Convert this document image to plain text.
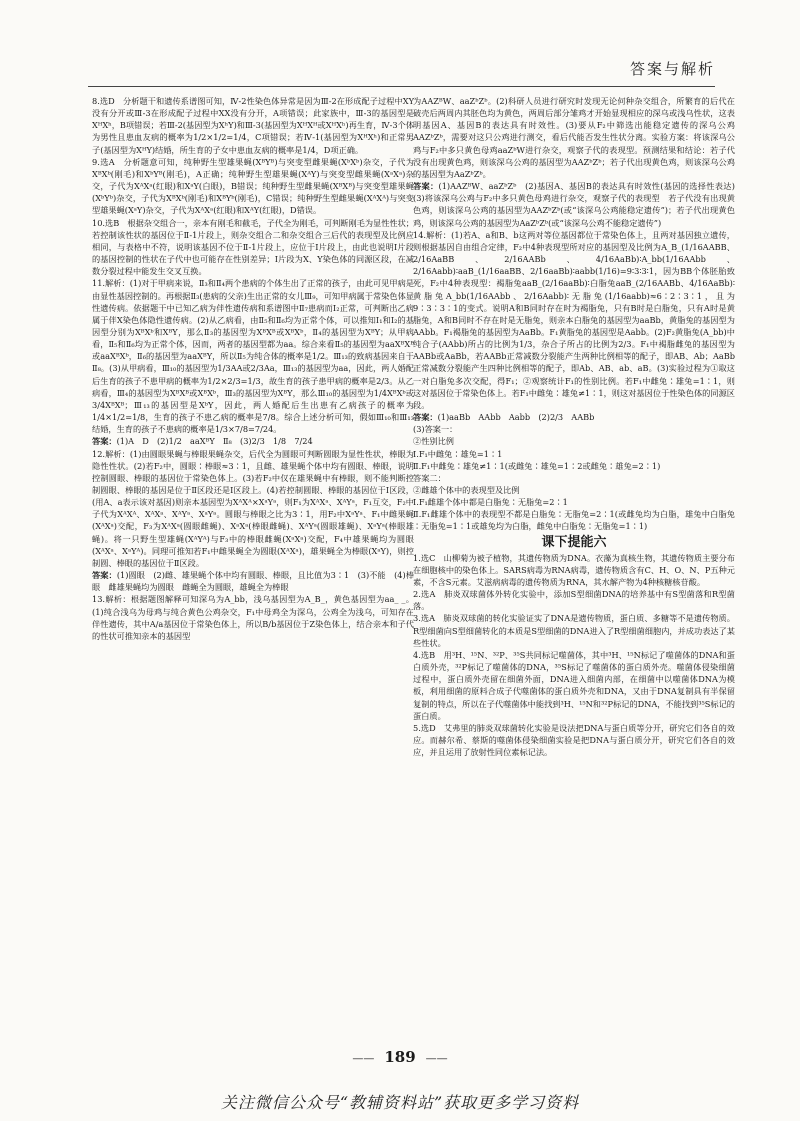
答案与解析

8.选D　分析题干和遗传系谱图可知，Ⅳ-2性染色体异常是因为Ⅲ-2在形成配子过程中XY没有分开或Ⅲ-3在形成配子过程中XX没有分开，A项错误；此家族中，Ⅲ-3的基因型是XᴴXʰ，B项错误；若Ⅲ-2(基因型为XʰY)和Ⅲ-3(基因型为XᴴXᴴ或XᴴXʰ)再生育，Ⅳ-3个体为男性且患血友病的概率为1/2×1/2=1/4，C项错误；若Ⅳ-1(基因型为XᴴXʰ)和正常男子(基因型为XᴴY)结婚，所生育的子女中患血友病的概率是1/4，D项正确。

9.选A　分析题意可知，纯种野生型雄果蝇(XᴮYᴮ)与突变型雌果蝇(XᵇXᵇ)杂交，子代为XᴮXᵇ(刚毛)和XᵇYᴮ(刚毛)，A正确；纯种野生型雄果蝇(XᴬY)与突变型雌果蝇(XᵃXᵃ)杂交，子代为XᴬXᵃ(红眼)和XᵃY(白眼)，B错误；纯种野生型雌果蝇(XᴮXᴮ)与突变型雄果蝇(XᵇYᵇ)杂交，子代为XᴮXᵇ(刚毛)和XᴮYᵇ(刚毛)，C错误；纯种野生型雌果蝇(XᴬXᴬ)与突变型雄果蝇(XᵃY)杂交，子代为XᴬXᵃ(红眼)和XᴬY(红眼)，D错误。

10.选B　根据杂交组合一，亲本有刚毛和截毛，子代全为刚毛，可判断刚毛为显性性状；若控制该性状的基因位于Ⅱ-1片段上，则杂交组合二和杂交组合三后代的表现型及比例应相同，与表格中不符，说明该基因不位于Ⅱ-1片段上，应位于Ⅰ片段上，由此也说明Ⅰ片段的基因控制的性状在子代中也可能存在性别差异；Ⅰ片段为X、Y染色体的同源区段，在减数分裂过程中能发生交叉互换。

11.解析：(1)对于甲病来说，Ⅱ₃和Ⅱ₄两个患病的个体生出了正常的孩子，由此可见甲病是由显性基因控制的。再根据Ⅱ₃(患病的父亲)生出正常的女儿Ⅲ₉，可知甲病属于常染色体显性遗传病。依据题干中已知乙病为伴性遗传病和系谱图中Ⅱ₇患病而Ⅰ₂正常，可判断出乙病属于伴X染色体隐性遗传病。(2)从乙病看，由Ⅱ₅和Ⅱ₆均为正常个体，可以推知Ⅰ₁和Ⅰ₂的基因型分别为XᴮXᵇ和XᴮY，那么Ⅱ₃的基因型为XᴮXᴮ或XᴮXᵇ，Ⅱ₄的基因型为XᴮY；从甲病看，Ⅱ₅和Ⅱ₆均为正常个体，因而，两者的基因型都为aa。综合来看Ⅱ₅的基因型为aaXᴮXᴮ或aaXᴮXᵇ，Ⅱ₆的基因型为aaXᴮY，所以Ⅱ₅为纯合体的概率是1/2。Ⅲ₁₃的致病基因来自于Ⅱ₈。(3)从甲病看，Ⅲ₁₀的基因型为1/3AA或2/3Aa，Ⅲ₁₃的基因型为aa，因此，两人婚配后生育的孩子不患甲病的概率为1/2×2/3=1/3，故生育的孩子患甲病的概率是2/3。从乙病看，Ⅲ₄的基因型为XᴮXᴮ或XᴮXᵇ，Ⅲ₃的基因型为XᴮY，那么Ⅲ₁₀的基因型为1/4XᴮXᵇ或3/4XᴮXᴮ；Ⅲ₁₃的基因型是XᵇY，因此，两人婚配后生出患有乙病孩子的概率为1/4×1/2=1/8，生育的孩子不患乙病的概率是7/8。综合上述分析可知，假如Ⅲ₁₀和Ⅲ₁₃结婚，生育的孩子不患病的概率是1/3×7/8=7/24。

答案：(1)A　D　(2)1/2　aaXᴮY　Ⅱ₈　(3)2/3　1/8　7/24

12.解析：(1)由圆眼果蝇与棒眼果蝇杂交，后代全为圆眼可判断圆眼为显性性状，棒眼为隐性性状。(2)若F₂中，圆眼∶棒眼≈3∶1，且雌、雄果蝇个体中均有圆眼、棒眼，说明控制圆眼、棒眼的基因位于常染色体上。(3)若F₂中仅在雄果蝇中有棒眼，则不能判断控制圆眼、棒眼的基因是位于Ⅱ区段还是Ⅰ区段上。(4)若控制圆眼、棒眼的基因位于Ⅰ区段，(用A、a表示该对基因)则亲本基因型为XᴬXᴬ×XᵃYᵃ，则F₁为XᴬXᵃ、XᴬYᵃ，F₁互交，F₂中子代为XᴬXᴬ、XᴬXᵃ、XᴬYᵃ、XᵃYᵃ。圆眼与棒眼之比为3∶1，用F₂中XᵃYᵃ、F₁中雌果蝇(XᴬXᵃ)交配，F₃为XᴬXᵃ(圆眼雌蝇)、XᵃXᵃ(棒眼雌蝇)、XᴬYᵃ(圆眼雄蝇)、XᵃYᵃ(棒眼雄蝇)。将一只野生型雄蝇(XᴬYᴬ)与F₃中的棒眼雌蝇(XᵃXᵃ)交配，F₄中雄果蝇均为圆眼(XᴬXᵃ、XᵃYᴬ)。同理可推知若F₁中雌果蝇全为圆眼(XᴬXᵃ)，雄果蝇全为棒眼(XᵃY)，则控制圆、棒眼的基因位于Ⅱ区段。

答案：(1)圆眼　(2)雌、雄果蝇个体中均有圆眼、棒眼，且比值为3∶1　(3)不能　(4)棒眼　雌雄果蝇均为圆眼　雌蝇全为圆眼，雄蝇全为棒眼

13.解析：根据题图解释可知深乌为A_bb，浅乌基因型为A_B_，黄色基因型为aa_ _。(1)纯合浅乌为母鸡与纯合黄色公鸡杂交，F₁中母鸡全为深乌，公鸡全为浅乌，可知存在伴性遗传，其中A/a基因位于常染色体上，所以B/b基因位于Z染色体上，结合亲本和子代的性状可推知亲本的基因型

为AAZᴮW、aaZᵇZᵇ。(2)科研人员进行研究时发现无论何种杂交组合，所繁育的后代在破壳后两周内其胚色均为黄色，两周后部分雏鸡才开始显现相应的深乌或浅乌性状，这表明基因A、基因B的表达具有时效性。(3)要从F₂中筛选出能稳定遗传的深乌公鸡AAZᵇZᵇ，需要对这只公鸡进行测交，看后代能否发生性状分离。实验方案：将该深乌公鸡与F₂中多只黄色母鸡aaZᵇW进行杂交，观察子代的表现型。预测结果和结论：若子代没有出现黄色鸡，则该深乌公鸡的基因型为AAZᵇZᵇ；若子代出现黄色鸡，则该深乌公鸡的基因型为AaZᵇZᵇ。

答案：(1)AAZᴮW、aaZᵇZᵇ　(2)基因A、基因B的表达具有时效性(基因的选择性表达)　(3)将该深乌公鸡与F₂中多只黄色母鸡进行杂交，观察子代的表现型　若子代没有出现黄色鸡，则该深乌公鸡的基因型为AAZᵇZᵇ(或“该深乌公鸡能稳定遗传”)；若子代出现黄色鸡，则该深乌公鸡的基因型为AaZᵇZᵇ(或“该深乌公鸡不能稳定遗传”)

14.解析：(1)若A、a和B、b这两对等位基因都位于常染色体上，且两对基因独立遗传，则根据基因自由组合定律，F₂中4种表现型所对应的基因型及比例为A_B_(1/16AABB、2/16AaBB、2/16AABb、4/16AaBb)∶A_bb(1/16AAbb、2/16Aabb)∶aaB_(1/16aaBB、2/16aaBb)∶aabb(1/16)=9∶3∶3∶1，因为BB个体胚胎致死，F₂中4种表现型：褐脂兔aaB_(2/16aaBb)∶白脂兔aaB_(2/16AABb、4/16AaBb)∶黄脂兔A_bb(1/16AAbb、2/16Aabb)∶无脂兔(1/16aabb)≈6∶2∶3∶1，且为9∶3∶3∶1的变式。说明A和B同时存在时为褐脂兔，只有B时是白脂兔，只有A时是黄脂兔，A和B同时不存在时是无脂兔，则亲本白脂兔的基因型为aaBb，黄脂兔的基因型为AAbb。F₁褐脂兔的基因型为AaBb。F₁黄脂兔的基因型是Aabb。(2)F₂黄脂兔(A_bb)中纯合子(AAbb)所占的比例为1/3，杂合子所占的比例为2/3。F₁中褐脂雌兔的基因型为AABb或AaBb，若AABb正常减数分裂能产生两种比例相等的配子，即AB、Ab；AaBb正常减数分裂能产生四种比例相等的配子，即Ab、AB、ab、aB。(3)实验过程为①取这一对白脂兔多次交配，得F₁；②观察统计F₁的性别比例。若F₁中雌兔∶雄兔=1∶1，则这对基因位于常染色体上。若F₁中雌兔∶雄兔≠1∶1，则这对基因位于性染色体的同源区段。

答案：(1)aaBb　AAbb　Aabb　(2)2/3　AABb

(3)答案一：

②性别比例

Ⅰ.F₁中雌兔∶雄兔=1∶1

Ⅱ.F₁中雌兔∶雄兔≠1∶1(或雌兔∶雄兔=1∶2或雌兔∶雄兔=2∶1)

答案二：

②雌雄个体中的表现型及比例

Ⅰ.F₁雌雄个体中都是白脂兔∶无脂兔=2∶1

Ⅱ.F₁雌雄个体中的表现型不都是白脂兔∶无脂兔=2∶1(或雌兔均为白脂，雄兔中白脂兔∶无脂兔=1∶1或雄兔均为白脂，雌兔中白脂兔∶无脂兔=1∶1)

课下提能六

1.选C　山柳菊为被子植物，其遗传物质为DNA。衣藻为真核生物，其遗传物质主要分布在细胞核中的染色体上。SARS病毒为RNA病毒，遗传物质含有C、H、O、N、P五种元素，不含S元素。艾滋病病毒的遗传物质为RNA，其水解产物为4种核糖核苷酸。

2.选A　肺炎双球菌体外转化实验中，添加S型细菌DNA的培养基中有S型菌落和R型菌落。

3.选A　肺炎双球菌的转化实验证实了DNA是遗传物质，蛋白质、多糖等不是遗传物质。R型细菌向S型细菌转化的本质是S型细菌的DNA进入了R型细菌细胞内，并成功表达了某些性状。

4.选B　用³H、¹⁵N、³²P、³⁵S共同标记噬菌体，其中³H、¹⁵N标记了噬菌体的DNA和蛋白质外壳，³²P标记了噬菌体的DNA，³⁵S标记了噬菌体的蛋白质外壳。噬菌体侵染细菌过程中，蛋白质外壳留在细菌外面，DNA进入细菌内部，在细菌中以噬菌体DNA为模板，利用细菌的原料合成子代噬菌体的蛋白质外壳和DNA，又由于DNA复制具有半保留复制的特点，所以在子代噬菌体中能找到³H、¹⁵N和³²P标记的DNA，不能找到³⁵S标记的蛋白质。

5.选D　艾弗里的肺炎双球菌转化实验是设法把DNA与蛋白质等分开，研究它们各自的效应。而赫尔希、蔡斯的噬菌体侵染细菌实验是把DNA与蛋白质分开，研究它们各自的效应，并且运用了放射性同位素标记法。

—— 189 ——
关注微信公众号“教辅资料站”获取更多学习资料
